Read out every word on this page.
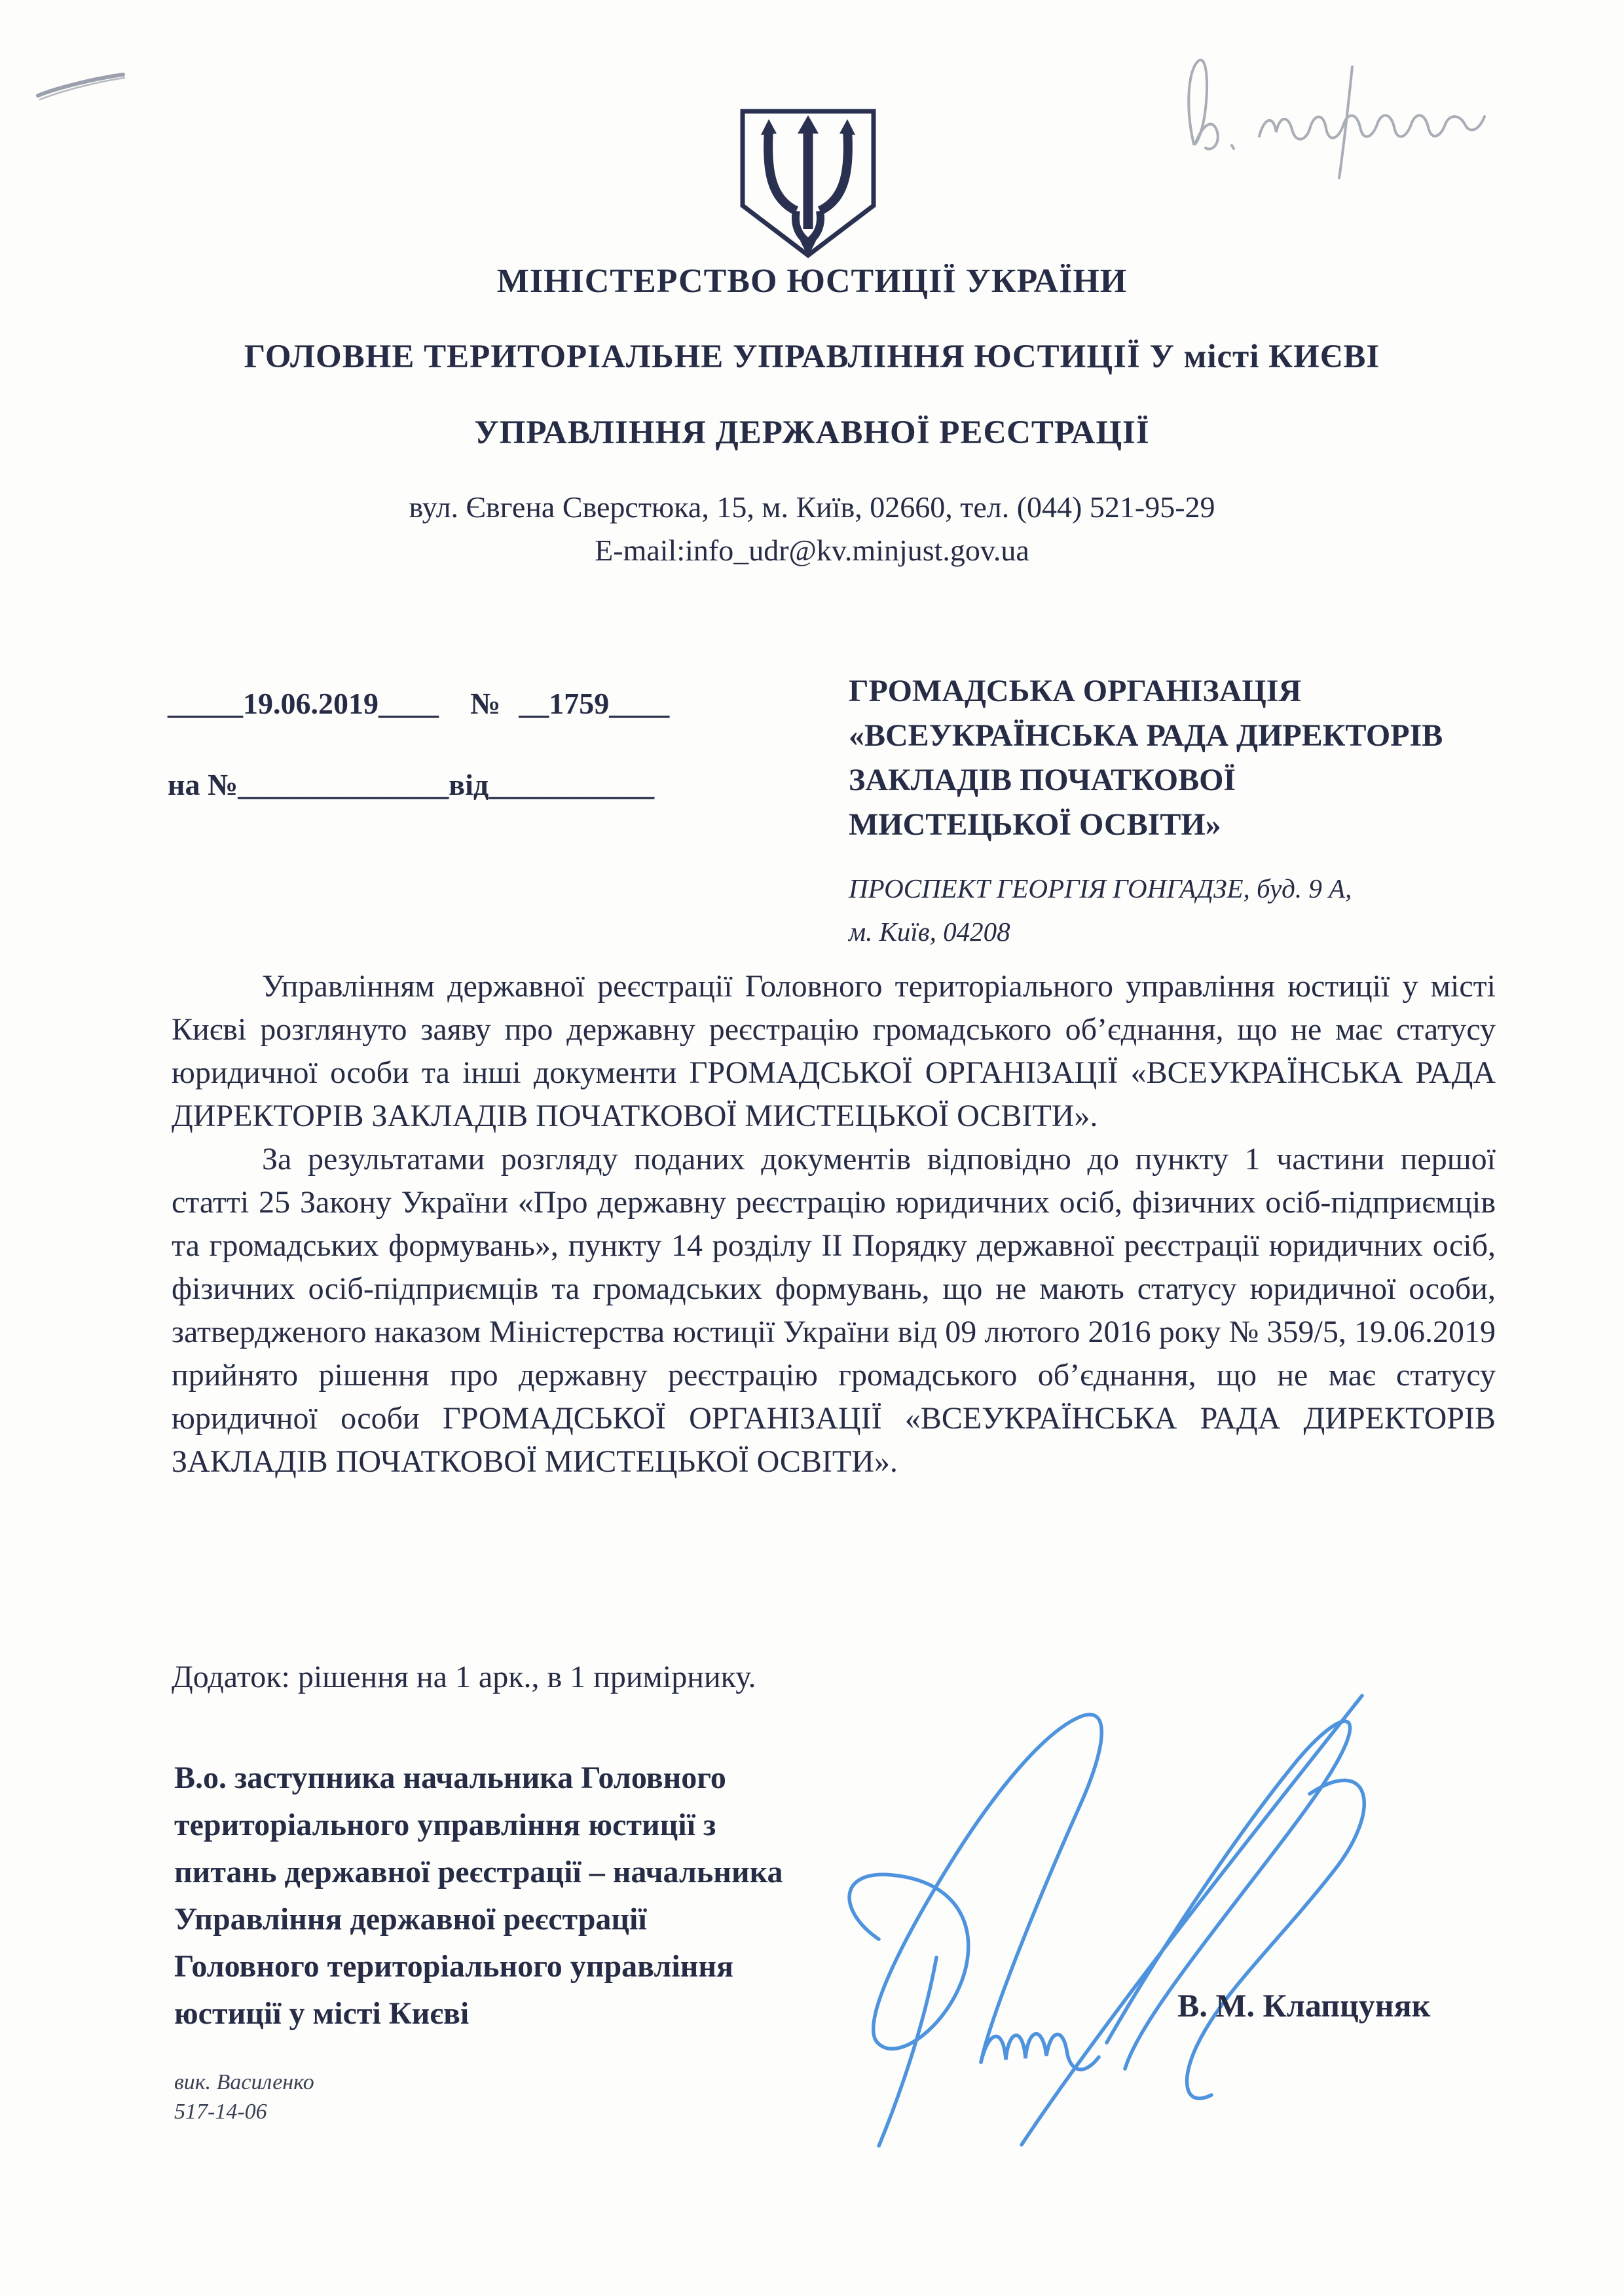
МІНІСТЕРСТВО ЮСТИЦІЇ УКРАЇНИ
ГОЛОВНЕ ТЕРИТОРІАЛЬНЕ УПРАВЛІННЯ ЮСТИЦІЇ У місті КИЄВІ
УПРАВЛІННЯ ДЕРЖАВНОЇ РЕЄСТРАЦІЇ
вул. Євгена Сверстюка, 15, м. Київ, 02660, тел. (044) 521-95-29
E-mail:info_udr@kv.minjust.gov.ua
_____19.06.2019____ № __1759____
на №______________від___________
ГРОМАДСЬКА ОРГАНІЗАЦІЯ
«ВСЕУКРАЇНСЬКА РАДА ДИРЕКТОРІВ
ЗАКЛАДІВ ПОЧАТКОВОЇ
МИСТЕЦЬКОЇ ОСВІТИ»
ПРОСПЕКТ ГЕОРГІЯ ГОНГАДЗЕ, буд. 9 А,
м. Київ, 04208

Управлінням державної реєстрації Головного територіального управління юстиції у місті Києві розглянуто заяву про державну реєстрацію громадського об’єднання, що не має статусу юридичної особи та інші документи ГРОМАДСЬКОЇ ОРГАНІЗАЦІЇ «ВСЕУКРАЇНСЬКА РАДА ДИРЕКТОРІВ ЗАКЛАДІВ ПОЧАТКОВОЇ МИСТЕЦЬКОЇ ОСВІТИ».

За результатами розгляду поданих документів відповідно до пункту 1 частини першої статті 25 Закону України «Про державну реєстрацію юридичних осіб, фізичних осіб-підприємців та громадських формувань», пункту 14 розділу II Порядку державної реєстрації юридичних осіб, фізичних осіб-підприємців та громадських формувань, що не мають статусу юридичної особи, затвердженого наказом Міністерства юстиції України від 09 лютого 2016 року № 359/5, 19.06.2019 прийнято рішення про державну реєстрацію громадського об’єднання, що не має статусу юридичної особи ГРОМАДСЬКОЇ ОРГАНІЗАЦІЇ «ВСЕУКРАЇНСЬКА РАДА ДИРЕКТОРІВ ЗАКЛАДІВ ПОЧАТКОВОЇ МИСТЕЦЬКОЇ ОСВІТИ».

Додаток: рішення на 1 арк., в 1 примірнику.
В.о. заступника начальника Головного
територіального управління юстиції з
питань державної реєстрації – начальника
Управління державної реєстрації
Головного територіального управління
юстиції у місті Києві	В. М. Клапцуняк
вик. Василенко
517-14-06
